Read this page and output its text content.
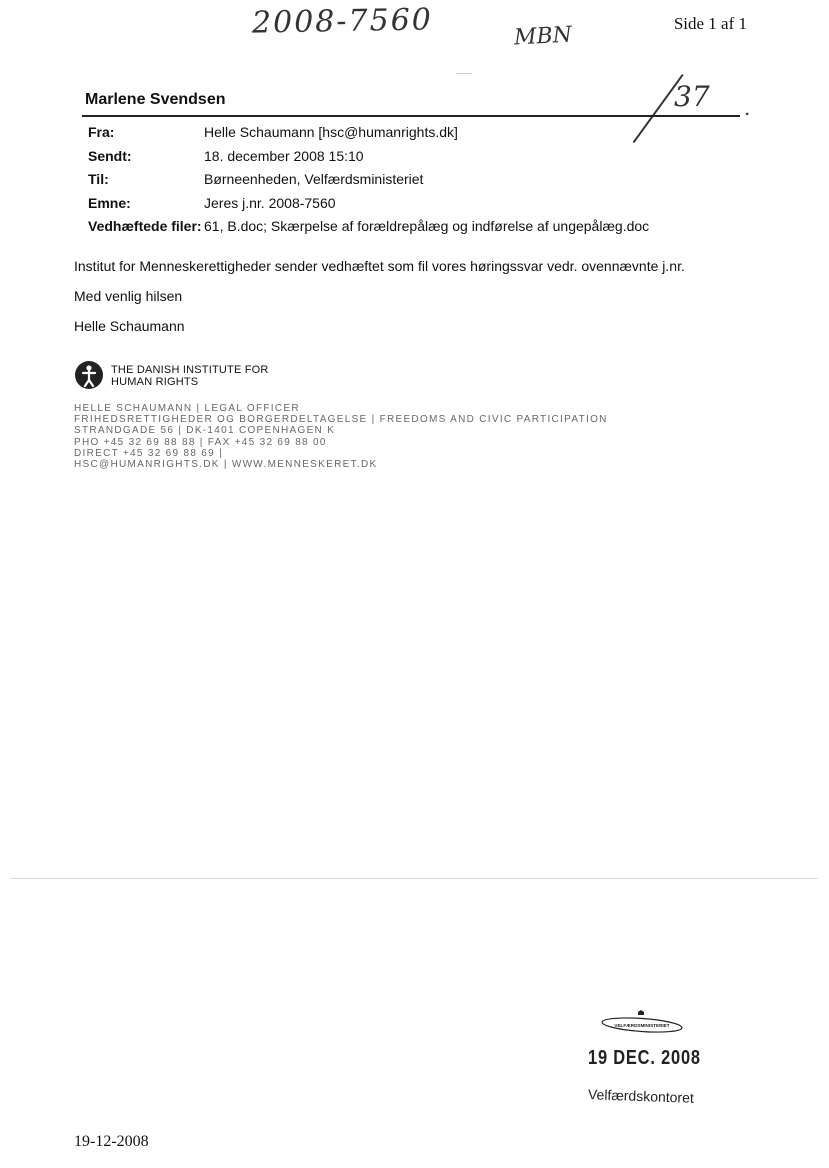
Side 1 af 1
2008-7560	MBN
37 .
Marlene Svendsen
Fra:	Helle Schaumann [hsc@humanrights.dk]
Sendt:	18. december 2008 15:10
Til:	Børneenheden, Velfærdsministeriet
Emne:	Jeres j.nr. 2008-7560
Vedhæftede filer:	61, B.doc; Skærpelse af forældrepålæg og indførelse af ungepålæg.doc

Institut for Menneskerettigheder sender vedhæftet som fil vores høringssvar vedr. ovennævnte j.nr.

Med venlig hilsen

Helle Schaumann

THE DANISH INSTITUTE FOR
HUMAN RIGHTS
HELLE SCHAUMANN | LEGAL OFFICER
FRIHEDSRETTIGHEDER OG BORGERDELTAGELSE | FREEDOMS AND CIVIC PARTICIPATION
STRANDGADE 56 | DK-1401 COPENHAGEN K
PHO +45 32 69 88 88 | FAX +45 32 69 88 00
DIRECT +45 32 69 88 69 |
HSC@HUMANRIGHTS.DK | WWW.MENNESKERET.DK
VELFÆRDSMINISTERIET
19 DEC. 2008
Velfærdskontoret
19-12-2008
